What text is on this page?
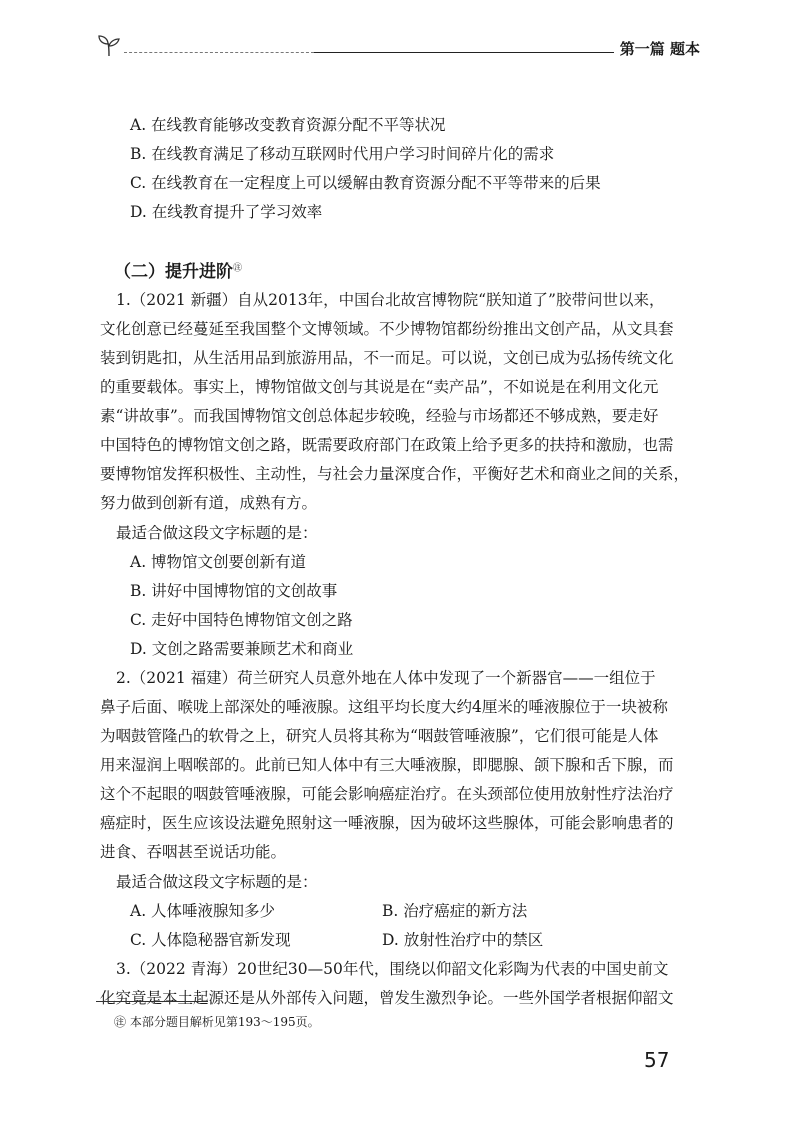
第一篇 题本
A. 在线教育能够改变教育资源分配不平等状况
B. 在线教育满足了移动互联网时代用户学习时间碎片化的需求
C. 在线教育在一定程度上可以缓解由教育资源分配不平等带来的后果
D. 在线教育提升了学习效率
（二）提升进阶㊟
1.（2021 新疆）自从2013年，中国台北故宫博物院“朕知道了”胶带问世以来，
文化创意已经蔓延至我国整个文博领域。不少博物馆都纷纷推出文创产品，从文具套
装到钥匙扣，从生活用品到旅游用品，不一而足。可以说，文创已成为弘扬传统文化
的重要载体。事实上，博物馆做文创与其说是在“卖产品”，不如说是在利用文化元
素“讲故事”。而我国博物馆文创总体起步较晚，经验与市场都还不够成熟，要走好
中国特色的博物馆文创之路，既需要政府部门在政策上给予更多的扶持和激励，也需
要博物馆发挥积极性、主动性，与社会力量深度合作，平衡好艺术和商业之间的关系，
努力做到创新有道，成熟有方。
最适合做这段文字标题的是：
A. 博物馆文创要创新有道
B. 讲好中国博物馆的文创故事
C. 走好中国特色博物馆文创之路
D. 文创之路需要兼顾艺术和商业
2.（2021 福建）荷兰研究人员意外地在人体中发现了一个新器官——一组位于
鼻子后面、喉咙上部深处的唾液腺。这组平均长度大约4厘米的唾液腺位于一块被称
为咽鼓管隆凸的软骨之上，研究人员将其称为“咽鼓管唾液腺”，它们很可能是人体
用来湿润上咽喉部的。此前已知人体中有三大唾液腺，即腮腺、颌下腺和舌下腺，而
这个不起眼的咽鼓管唾液腺，可能会影响癌症治疗。在头颈部位使用放射性疗法治疗
癌症时，医生应该设法避免照射这一唾液腺，因为破坏这些腺体，可能会影响患者的
进食、吞咽甚至说话功能。
最适合做这段文字标题的是：
A. 人体唾液腺知多少	B. 治疗癌症的新方法
C. 人体隐秘器官新发现	D. 放射性治疗中的禁区
3.（2022 青海）20世纪30—50年代，围绕以仰韶文化彩陶为代表的中国史前文
化究竟是本土起源还是从外部传入问题，曾发生激烈争论。一些外国学者根据仰韶文
㊟ 本部分题目解析见第193～195页。
57
